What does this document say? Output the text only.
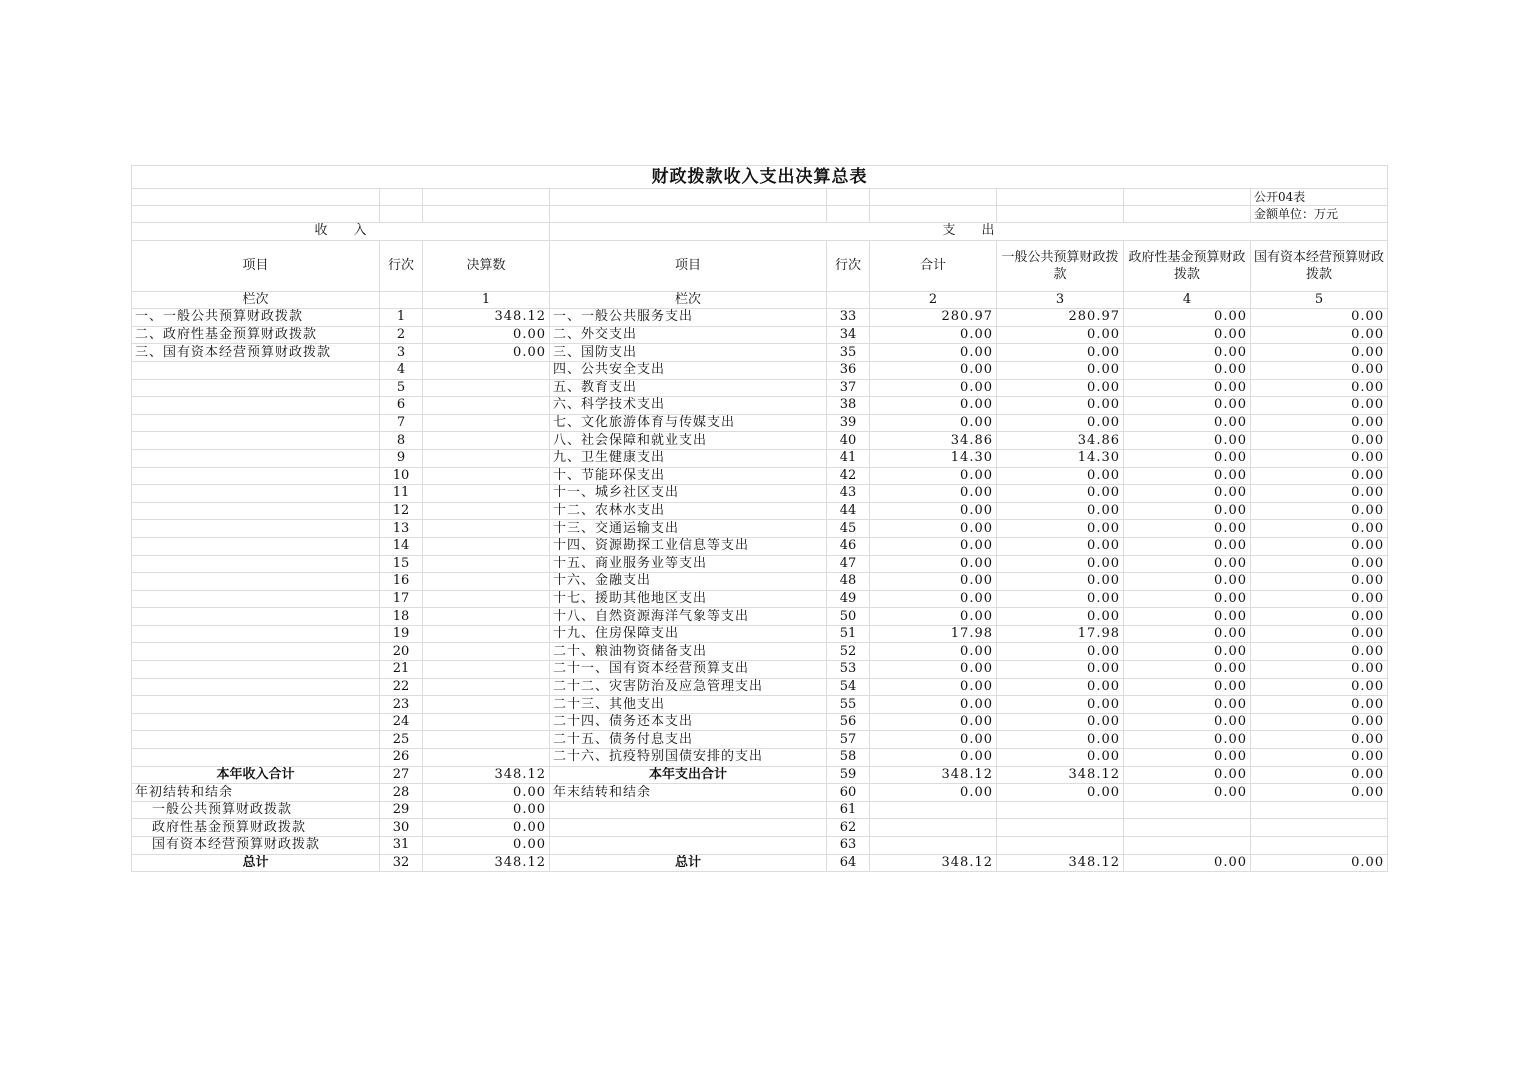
财政拨款收入支出决算总表								
								公开04表
								金额单位：万元
收　　入			支　　出					
项目	行次	决算数	项目	行次	合计	一般公共预算财政拨款	政府性基金预算财政拨款	国有资本经营预算财政拨款
栏次		1	栏次		2	3	4	5
一、一般公共预算财政拨款	1	348.12	一、一般公共服务支出	33	280.97	280.97	0.00	0.00
二、政府性基金预算财政拨款	2	0.00	二、外交支出	34	0.00	0.00	0.00	0.00
三、国有资本经营预算财政拨款	3	0.00	三、国防支出	35	0.00	0.00	0.00	0.00
	4		四、公共安全支出	36	0.00	0.00	0.00	0.00
	5		五、教育支出	37	0.00	0.00	0.00	0.00
	6		六、科学技术支出	38	0.00	0.00	0.00	0.00
	7		七、文化旅游体育与传媒支出	39	0.00	0.00	0.00	0.00
	8		八、社会保障和就业支出	40	34.86	34.86	0.00	0.00
	9		九、卫生健康支出	41	14.30	14.30	0.00	0.00
	10		十、节能环保支出	42	0.00	0.00	0.00	0.00
	11		十一、城乡社区支出	43	0.00	0.00	0.00	0.00
	12		十二、农林水支出	44	0.00	0.00	0.00	0.00
	13		十三、交通运输支出	45	0.00	0.00	0.00	0.00
	14		十四、资源勘探工业信息等支出	46	0.00	0.00	0.00	0.00
	15		十五、商业服务业等支出	47	0.00	0.00	0.00	0.00
	16		十六、金融支出	48	0.00	0.00	0.00	0.00
	17		十七、援助其他地区支出	49	0.00	0.00	0.00	0.00
	18		十八、自然资源海洋气象等支出	50	0.00	0.00	0.00	0.00
	19		十九、住房保障支出	51	17.98	17.98	0.00	0.00
	20		二十、粮油物资储备支出	52	0.00	0.00	0.00	0.00
	21		二十一、国有资本经营预算支出	53	0.00	0.00	0.00	0.00
	22		二十二、灾害防治及应急管理支出	54	0.00	0.00	0.00	0.00
	23		二十三、其他支出	55	0.00	0.00	0.00	0.00
	24		二十四、债务还本支出	56	0.00	0.00	0.00	0.00
	25		二十五、债务付息支出	57	0.00	0.00	0.00	0.00
	26		二十六、抗疫特别国债安排的支出	58	0.00	0.00	0.00	0.00
本年收入合计	27	348.12	本年支出合计	59	348.12	348.12	0.00	0.00
年初结转和结余	28	0.00	年末结转和结余	60	0.00	0.00	0.00	0.00
一般公共预算财政拨款	29	0.00		61				
政府性基金预算财政拨款	30	0.00		62				
国有资本经营预算财政拨款	31	0.00		63				
总计	32	348.12	总计	64	348.12	348.12	0.00	0.00
